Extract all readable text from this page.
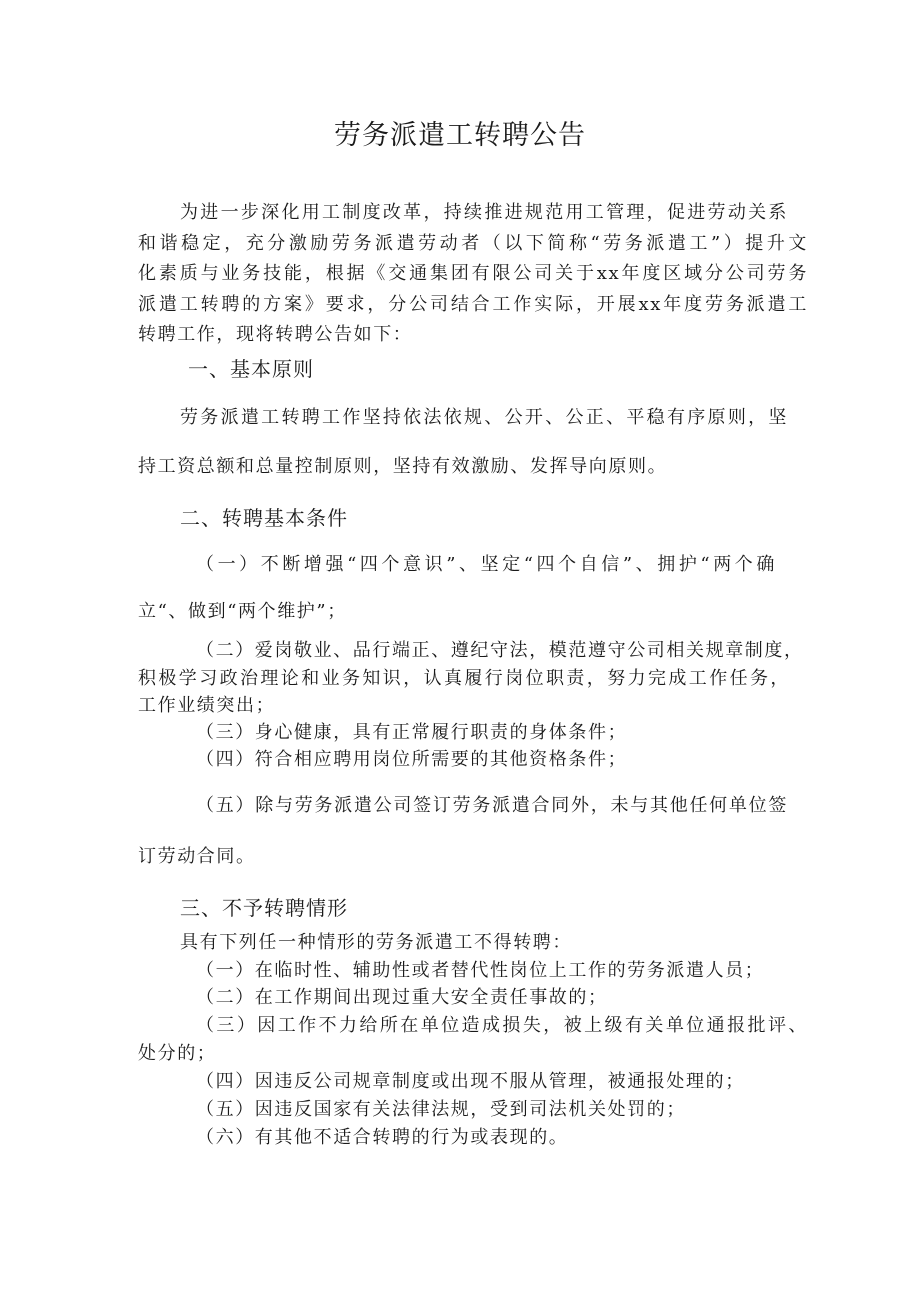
劳务派遣工转聘公告
为进一步深化用工制度改革，持续推进规范用工管理，促进劳动关系
和谐稳定，充分激励劳务派遣劳动者（以下简称“劳务派遣工”）提升文
化素质与业务技能，根据《交通集团有限公司关于xx年度区域分公司劳务
派遣工转聘的方案》要求，分公司结合工作实际，开展xx年度劳务派遣工
转聘工作，现将转聘公告如下：
一、基本原则
劳务派遣工转聘工作坚持依法依规、公开、公正、平稳有序原则，坚
持工资总额和总量控制原则，坚持有效激励、发挥导向原则。
二、转聘基本条件
（一）不断增强“四个意识”、坚定“四个自信”、拥护“两个确
立“、做到“两个维护”；
（二）爱岗敬业、品行端正、遵纪守法，模范遵守公司相关规章制度，
积极学习政治理论和业务知识，认真履行岗位职责，努力完成工作任务，
工作业绩突出；
（三）身心健康，具有正常履行职责的身体条件；
（四）符合相应聘用岗位所需要的其他资格条件；
（五）除与劳务派遣公司签订劳务派遣合同外，未与其他任何单位签
订劳动合同。
三、不予转聘情形
具有下列任一种情形的劳务派遣工不得转聘：
（一）在临时性、辅助性或者替代性岗位上工作的劳务派遣人员；
（二）在工作期间出现过重大安全责任事故的；
（三）因工作不力给所在单位造成损失，被上级有关单位通报批评、
处分的；
（四）因违反公司规章制度或出现不服从管理，被通报处理的；
（五）因违反国家有关法律法规，受到司法机关处罚的；
（六）有其他不适合转聘的行为或表现的。
